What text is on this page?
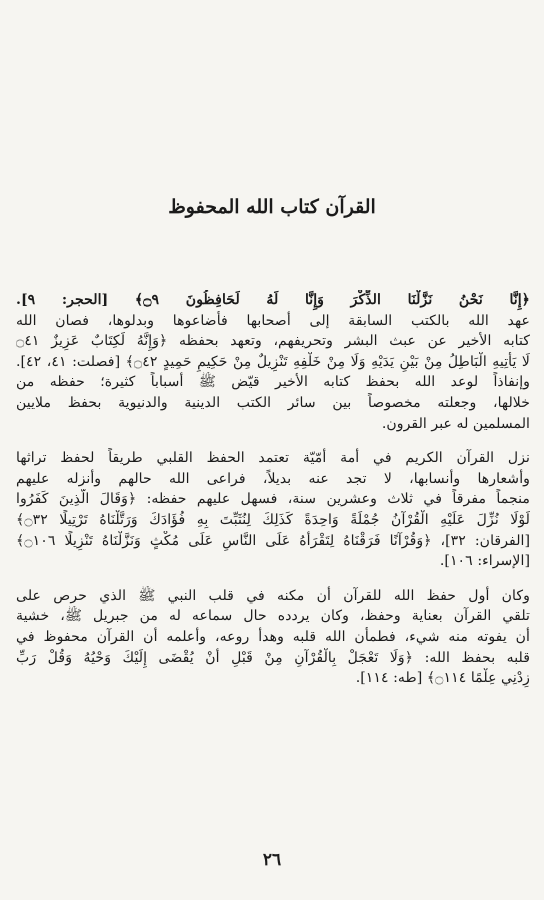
القرآن كتاب الله المحفوظ
﴿إِنَّا نَحْنُ نَزَّلْنَا الذِّكْرَ وَإِنَّا لَهُ لَحَافِظُونَ ۝٩﴾ [الحجر: ٩].
عهد الله بالكتب السابقة إلى أصحابها فأضاعوها وبدلوها، فصان الله
كتابه الأخير عن عبث البشر وتحريفهم، وتعهد بحفظه ﴿وَإِنَّهُ لَكِتَابٌ عَزِيزٌ ۝٤١
لَا يَأْتِيهِ الْبَاطِلُ مِنْ بَيْنِ يَدَيْهِ وَلَا مِنْ خَلْفِهِ تَنْزِيلٌ مِنْ حَكِيمٍ حَمِيدٍ ۝٤٢﴾ [فصلت: ٤١، ٤٢].
وإنفاذاً لوعد الله بحفظ كتابه الأخير قيّض ﷺ أسباباً كثيرة؛ حفظه من
خلالها، وجعلته مخصوصاً بين سائر الكتب الدينية والدنيوية بحفظ ملايين
المسلمين له عبر القرون.
نزل القرآن الكريم في أمة أمّيّة تعتمد الحفظ القلبي طريقاً لحفظ تراثها
وأشعارها وأنسابها، لا تجد عنه بديلاً، فراعى الله حالهم وأنزله عليهم
منجماً مفرقاً في ثلاث وعشرين سنة، فسهل عليهم حفظه: ﴿وَقَالَ الَّذِينَ كَفَرُوا
لَوْلَا نُزِّلَ عَلَيْهِ الْقُرْآنُ جُمْلَةً وَاحِدَةً كَذَلِكَ لِنُثَبِّتَ بِهِ فُؤَادَكَ وَرَتَّلْنَاهُ تَرْتِيلًا ۝٣٢﴾
[الفرقان: ٣٢]، ﴿وَقُرْآنًا فَرَقْنَاهُ لِتَقْرَأَهُ عَلَى النَّاسِ عَلَى مُكْثٍ وَنَزَّلْنَاهُ تَنْزِيلًا ۝١٠٦﴾
[الإسراء: ١٠٦].
وكان أول حفظ الله للقرآن أن مكنه في قلب النبي ﷺ الذي حرص على
تلقي القرآن بعناية وحفظ، وكان يردده حال سماعه له من جبريل ﷺ، خشية
أن يفوته منه شيء، فطمأن الله قلبه وهدأ روعه، وأعلمه أن القرآن محفوظ في
قلبه بحفظ الله: ﴿وَلَا تَعْجَلْ بِالْقُرْآنِ مِنْ قَبْلِ أَنْ يُقْضَى إِلَيْكَ وَحْيُهُ وَقُلْ رَبِّ
زِدْنِي عِلْمًا ۝١١٤﴾ [طه: ١١٤].
٢٦
